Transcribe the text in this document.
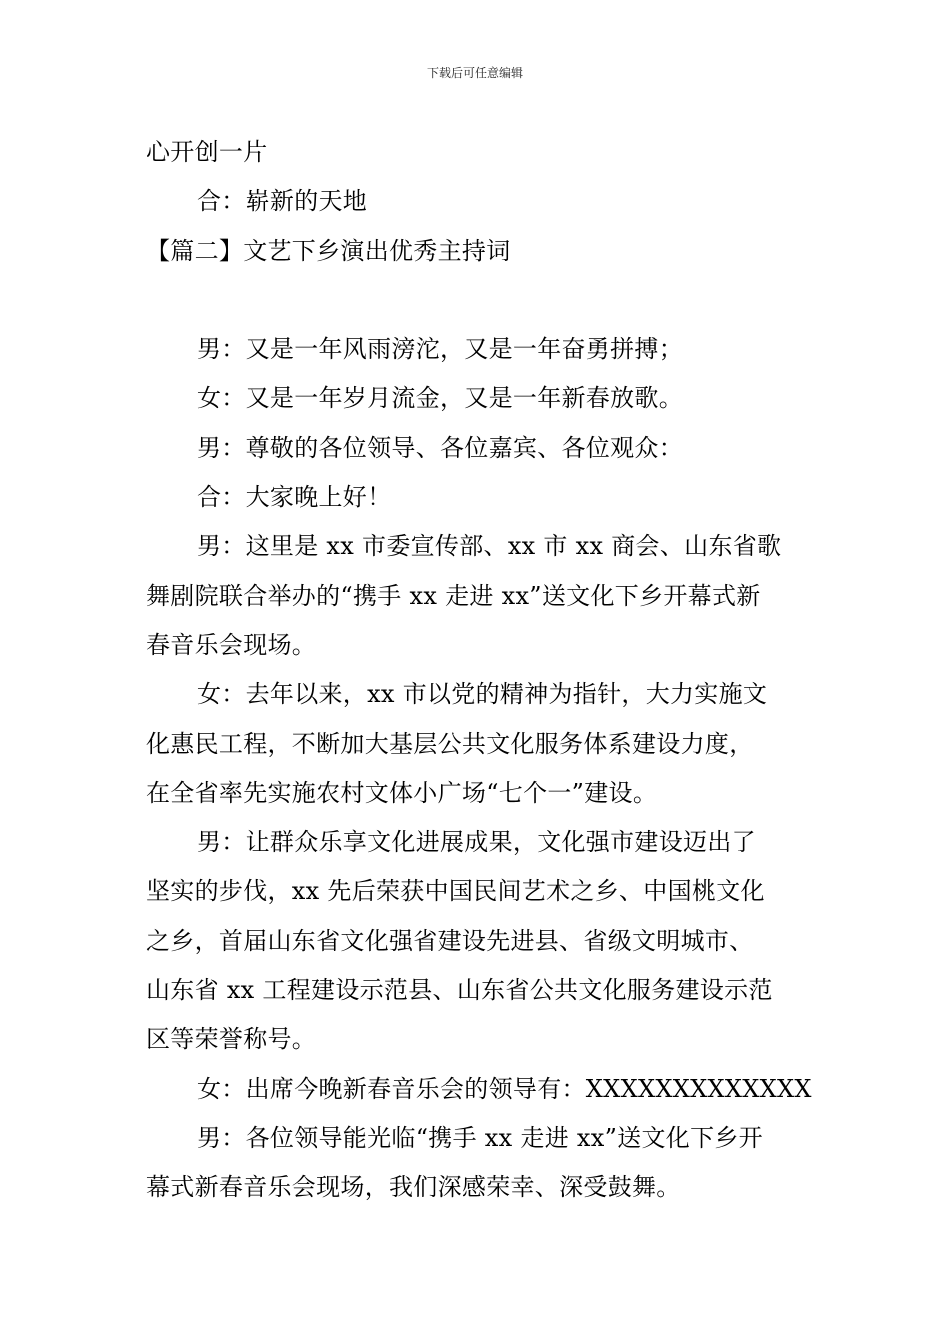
下载后可任意编辑
心开创一片
合：崭新的天地
【篇二】文艺下乡演出优秀主持词
男：又是一年风雨滂沱，又是一年奋勇拼搏；
女：又是一年岁月流金，又是一年新春放歌。
男：尊敬的各位领导、各位嘉宾、各位观众：
合：大家晚上好！
男：这里是 xx 市委宣传部、xx 市 xx 商会、山东省歌
舞剧院联合举办的“携手 xx 走进 xx”送文化下乡开幕式新
春音乐会现场。
女：去年以来，xx 市以党的精神为指针，大力实施文
化惠民工程，不断加大基层公共文化服务体系建设力度，
在全省率先实施农村文体小广场“七个一”建设。
男：让群众乐享文化进展成果，文化强市建设迈出了
坚实的步伐，xx 先后荣获中国民间艺术之乡、中国桃文化
之乡，首届山东省文化强省建设先进县、省级文明城市、
山东省 xx 工程建设示范县、山东省公共文化服务建设示范
区等荣誉称号。
女：出席今晚新春音乐会的领导有：XXXXXXXXXXXXX
男：各位领导能光临“携手 xx 走进 xx”送文化下乡开
幕式新春音乐会现场，我们深感荣幸、深受鼓舞。
